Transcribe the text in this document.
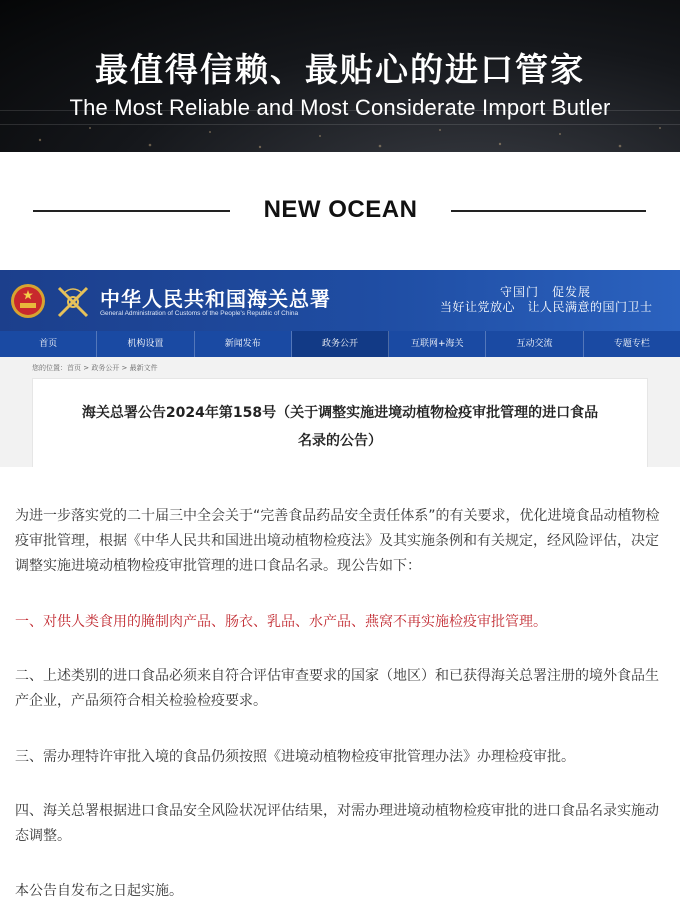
最值得信赖、最贴心的进口管家
The Most Reliable and Most Considerate Import Butler
NEW OCEAN
中华人民共和国海关总署
General Administration of Customs of the People's Republic of China
守国门　促发展
当好让党放心　让人民满意的国门卫士
首页	机构设置	新闻发布	政务公开	互联网+海关	互动交流	专题专栏
您的位置：首页 > 政务公开 > 最新文件
海关总署公告2024年第158号（关于调整实施进境动植物检疫审批管理的进口食品
名录的公告）
为进一步落实党的二十届三中全会关于“完善食品药品安全责任体系”的有关要求，优化进境食品动植物检疫审批管理，根据《中华人民共和国进出境动植物检疫法》及其实施条例和有关规定，经风险评估，决定调整实施进境动植物检疫审批管理的进口食品名录。现公告如下：
一、对供人类食用的腌制肉产品、肠衣、乳品、水产品、燕窝不再实施检疫审批管理。
二、上述类别的进口食品必须来自符合评估审查要求的国家（地区）和已获得海关总署注册的境外食品生产企业，产品须符合相关检验检疫要求。
三、需办理特许审批入境的食品仍须按照《进境动植物检疫审批管理办法》办理检疫审批。
四、海关总署根据进口食品安全风险状况评估结果，对需办理进境动植物检疫审批的进口食品名录实施动态调整。
本公告自发布之日起实施。
